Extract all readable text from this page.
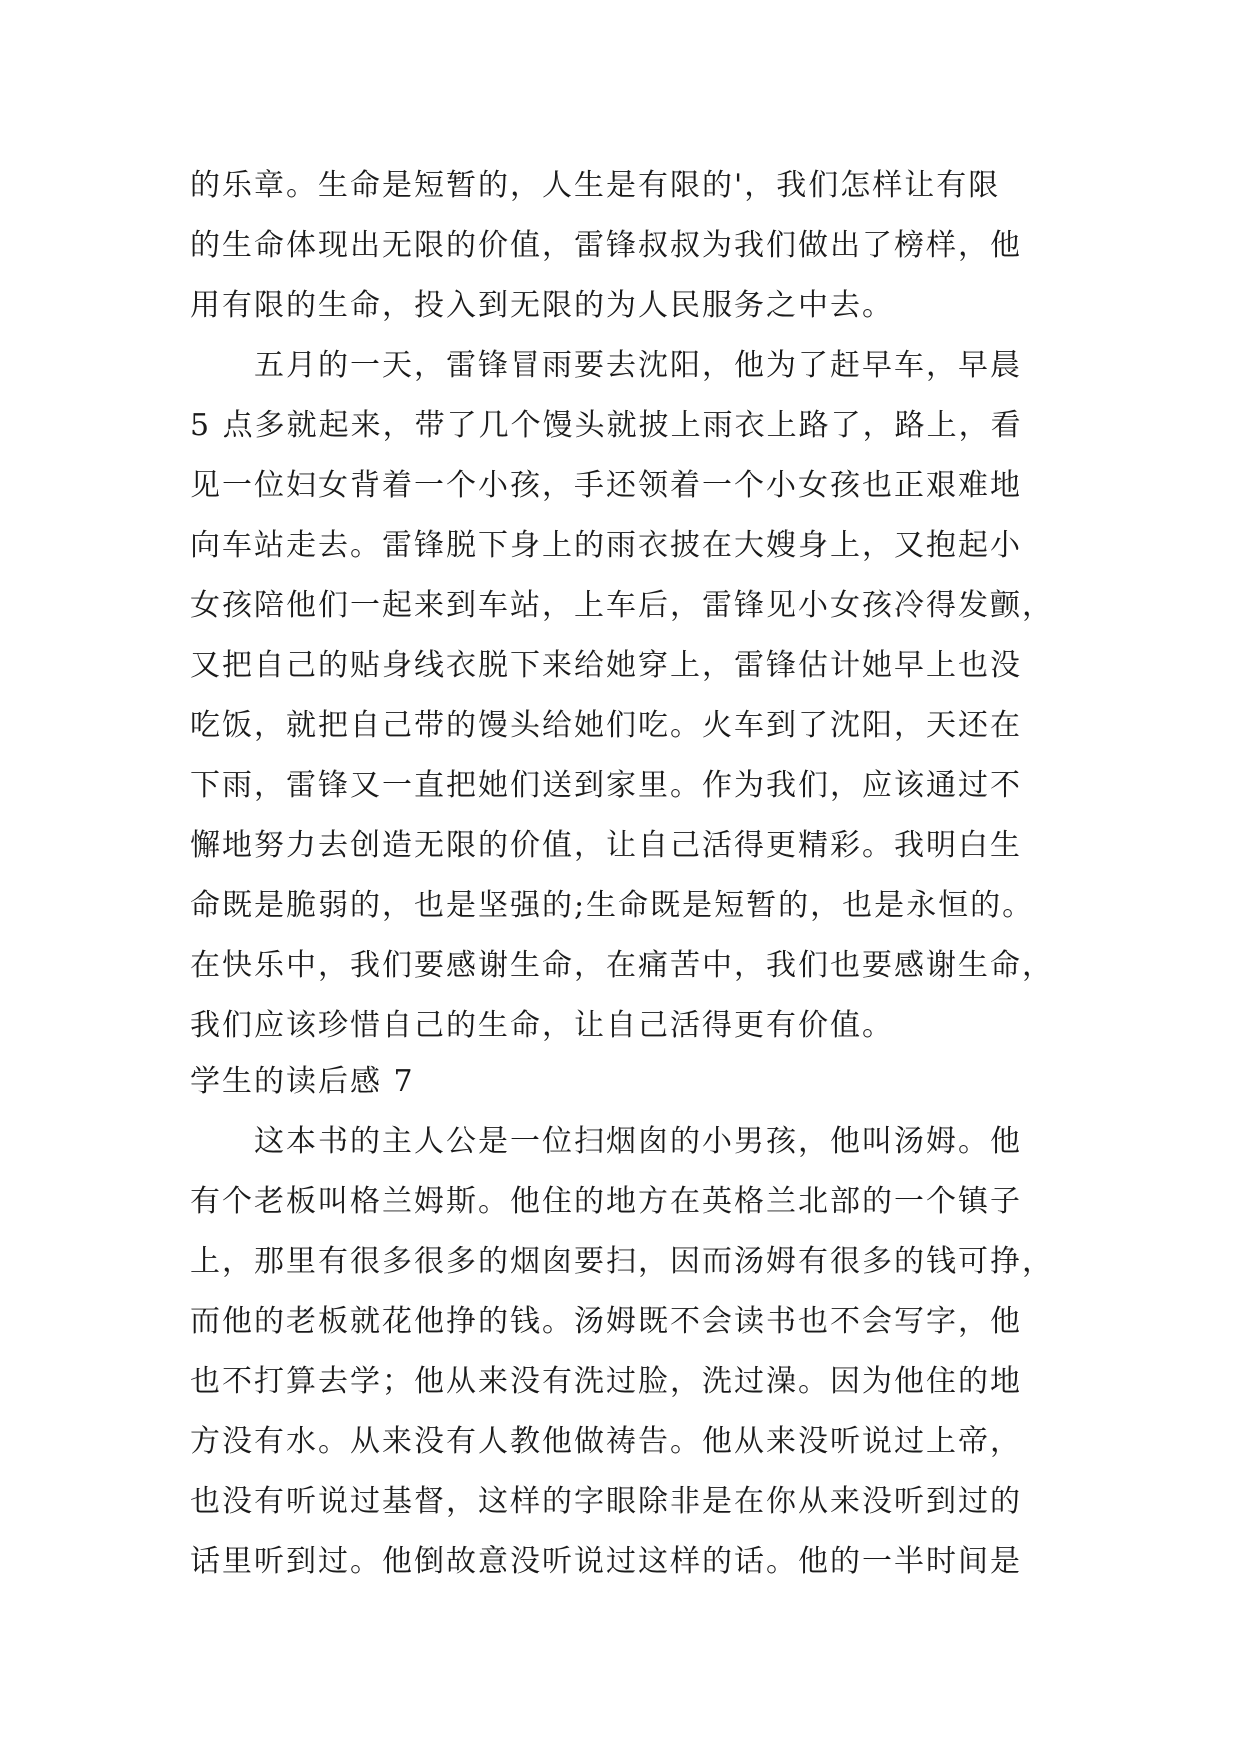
的乐章。生命是短暂的，人生是有限的'，我们怎样让有限
的生命体现出无限的价值，雷锋叔叔为我们做出了榜样，他
用有限的生命，投入到无限的为人民服务之中去。
五月的一天，雷锋冒雨要去沈阳，他为了赶早车，早晨
5 点多就起来，带了几个馒头就披上雨衣上路了，路上，看
见一位妇女背着一个小孩，手还领着一个小女孩也正艰难地
向车站走去。雷锋脱下身上的雨衣披在大嫂身上，又抱起小
女孩陪他们一起来到车站，上车后，雷锋见小女孩冷得发颤，
又把自己的贴身线衣脱下来给她穿上，雷锋估计她早上也没
吃饭，就把自己带的馒头给她们吃。火车到了沈阳，天还在
下雨，雷锋又一直把她们送到家里。作为我们，应该通过不
懈地努力去创造无限的价值，让自己活得更精彩。我明白生
命既是脆弱的，也是坚强的;生命既是短暂的，也是永恒的。
在快乐中，我们要感谢生命，在痛苦中，我们也要感谢生命，
我们应该珍惜自己的生命，让自己活得更有价值。
学生的读后感 7
这本书的主人公是一位扫烟囱的小男孩，他叫汤姆。他
有个老板叫格兰姆斯。他住的地方在英格兰北部的一个镇子
上，那里有很多很多的烟囱要扫，因而汤姆有很多的钱可挣，
而他的老板就花他挣的钱。汤姆既不会读书也不会写字，他
也不打算去学；他从来没有洗过脸，洗过澡。因为他住的地
方没有水。从来没有人教他做祷告。他从来没听说过上帝，
也没有听说过基督，这样的字眼除非是在你从来没听到过的
话里听到过。他倒故意没听说过这样的话。他的一半时间是
